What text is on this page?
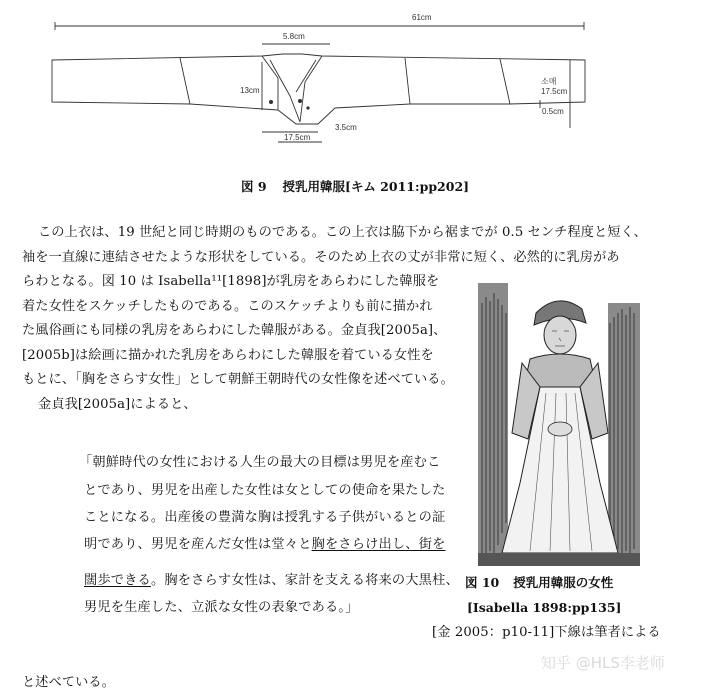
61cm
5.8cm
13cm
3.5cm
17.5cm
소매
17.5cm
0.5cm
図 9 授乳用韓服[キム 2011:pp202]
この上衣は、19 世紀と同じ時期のものである。この上衣は脇下から裾までが 0.5 センチ程度と短く、
袖を一直線に連結させたような形状をしている。そのため上衣の丈が非常に短く、必然的に乳房があ
らわとなる。図 10 は Isabella¹¹[1898]が乳房をあらわにした韓服を
着た女性をスケッチしたものである。このスケッチよりも前に描かれ
た風俗画にも同様の乳房をあらわにした韓服がある。金貞我[2005a]、
[2005b]は絵画に描かれた乳房をあらわにした韓服を着ている女性を
もとに、「胸をさらす女性」として朝鮮王朝時代の女性像を述べている。
金貞我[2005a]によると、
「朝鮮時代の女性における人生の最大の目標は男児を産むこ
とであり、男児を出産した女性は女としての使命を果たした
ことになる。出産後の豊満な胸は授乳する子供がいるとの証
明であり、男児を産んだ女性は堂々と胸をさらけ出し、街を
闊歩できる。胸をさらす女性は、家計を支える将来の大黒柱、
男児を生産した、立派な女性の表象である。」
図 10 授乳用韓服の女性
[Isabella 1898:pp135]
[金 2005：p10-11]下線は筆者による
と述べている。
知乎 @HLS李老师
